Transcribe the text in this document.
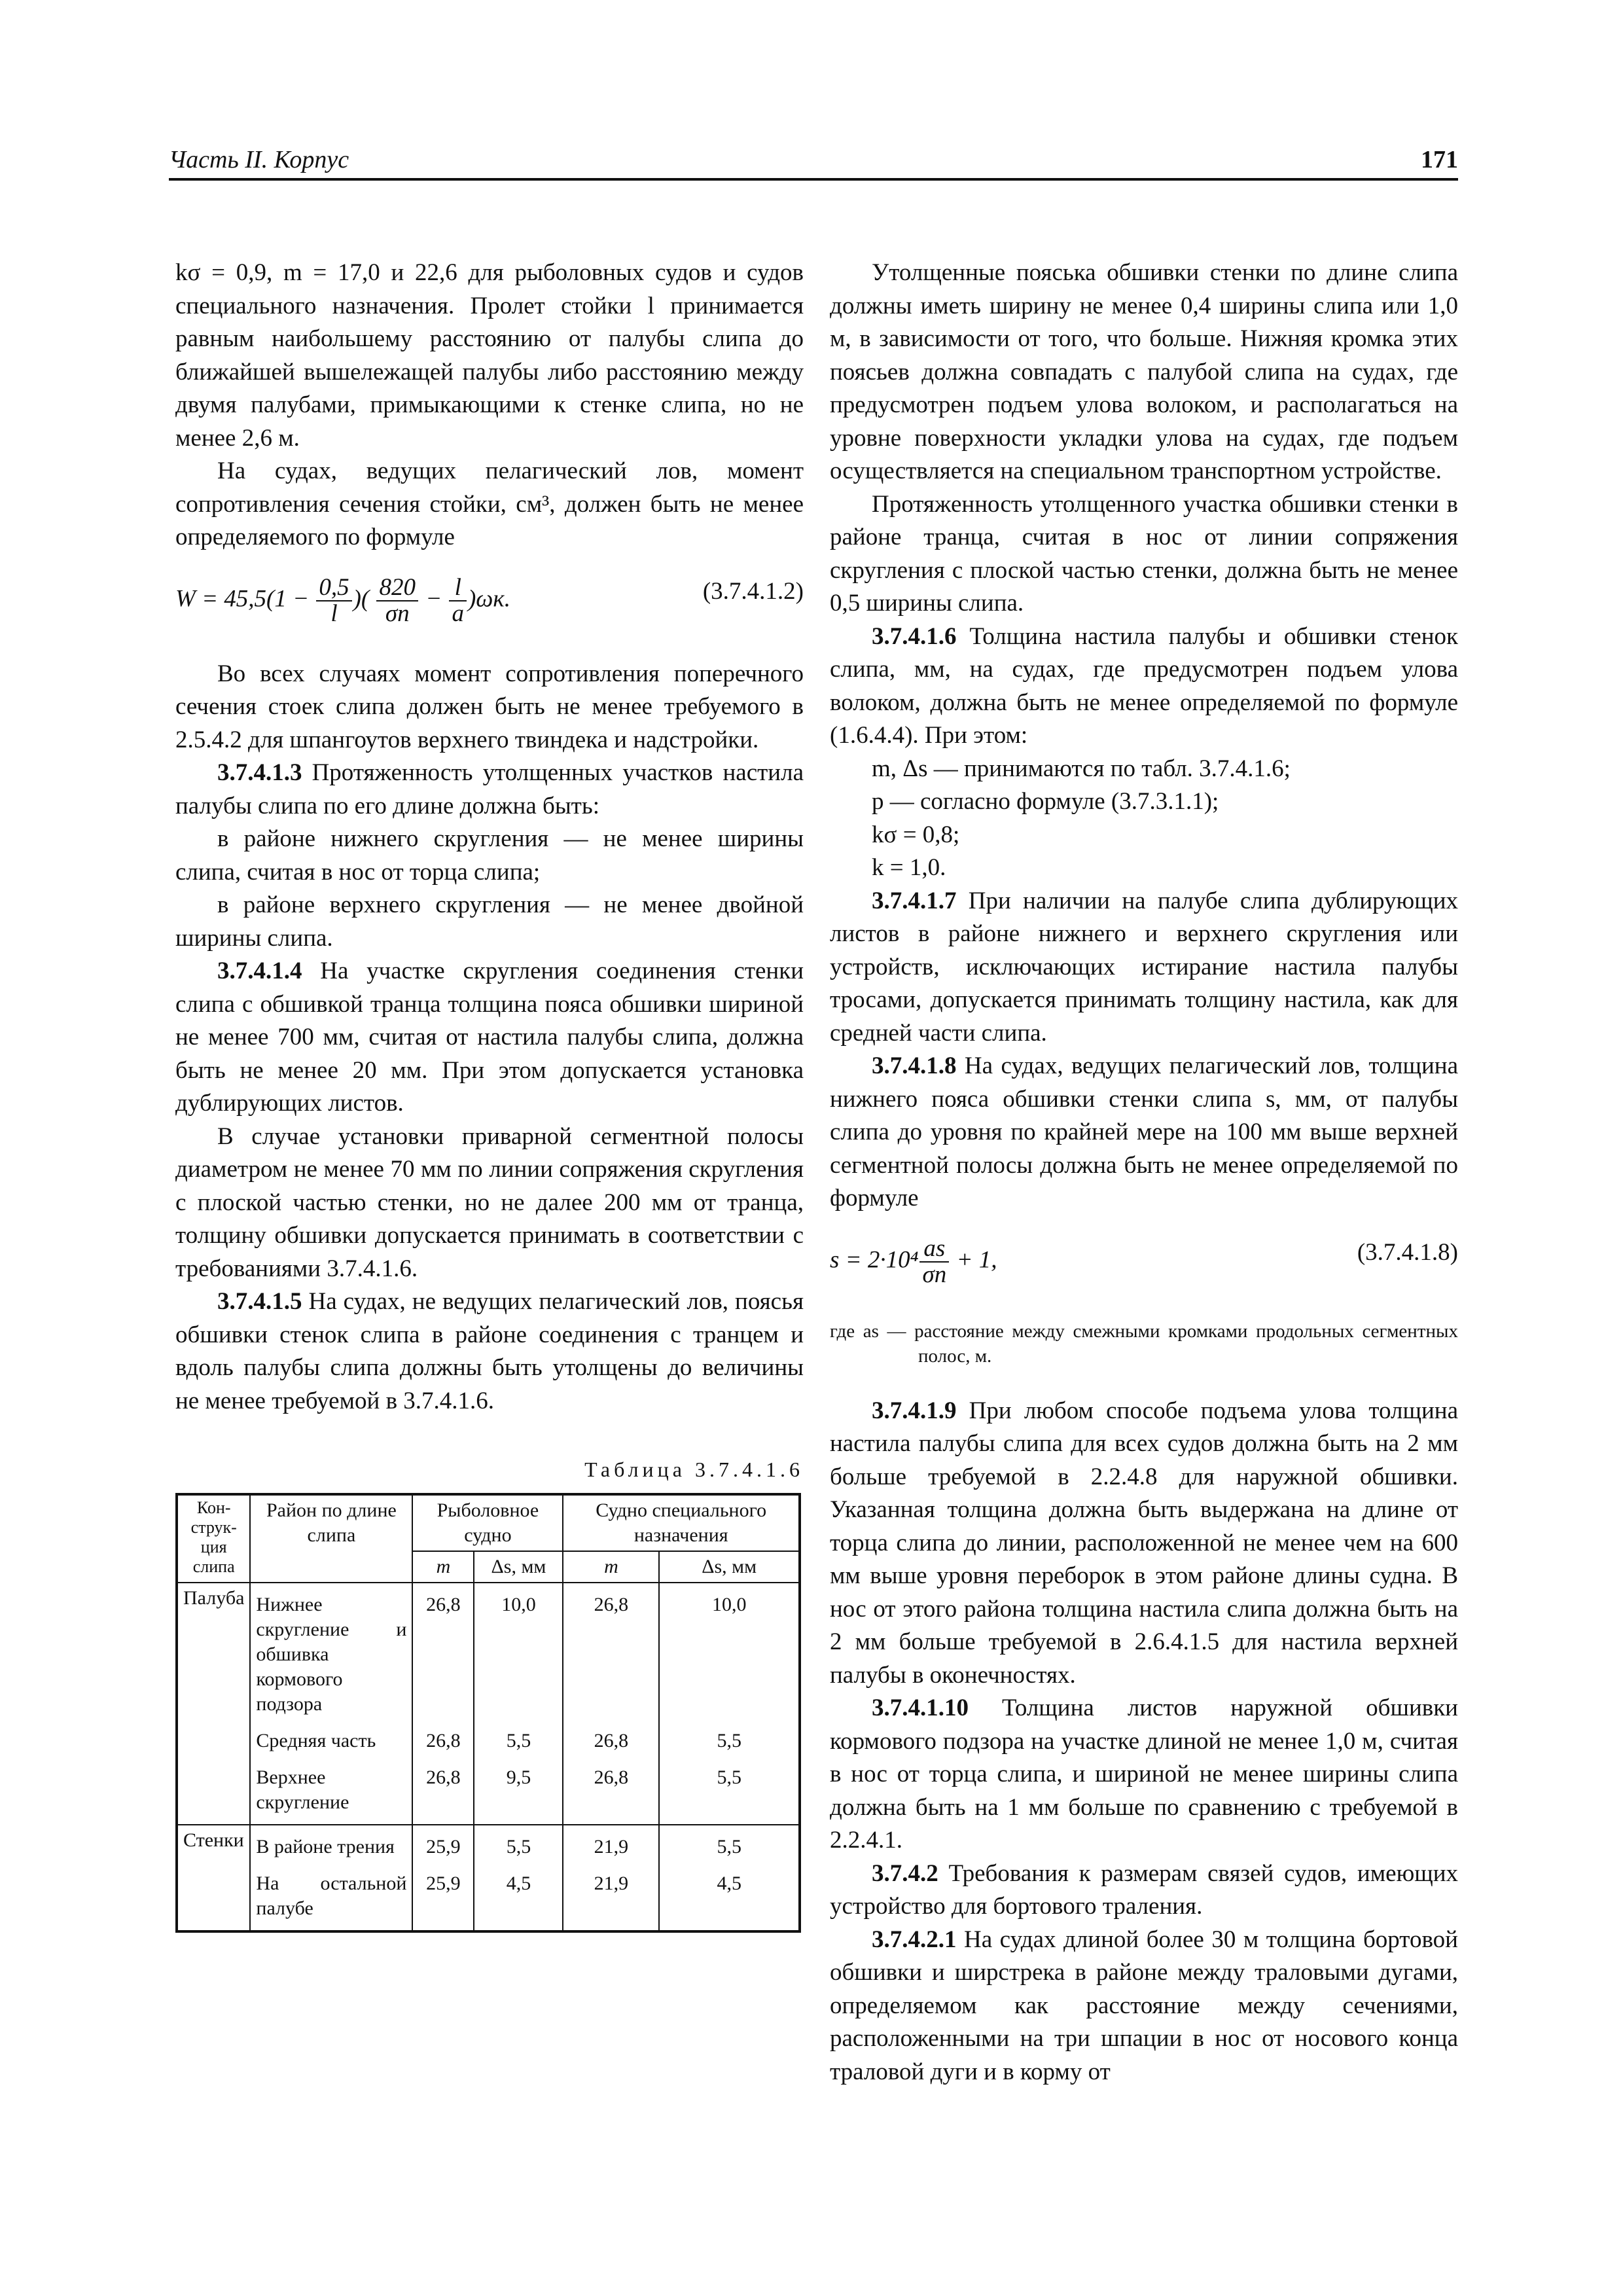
Часть II. Корпус	171

kσ = 0,9, m = 17,0 и 22,6 для рыболовных судов и судов специального назначения. Пролет стойки l принимается равным наибольшему расстоянию от палубы слипа до ближайшей вышележащей палубы либо расстоянию между двумя палубами, примыкающими к стенке слипа, но не менее 2,6 м.

На судах, ведущих пелагический лов, момент сопротивления сечения стойки, см³, должен быть не менее определяемого по формуле

$W = 45,5(1 - \frac{0,5}{l}$ )( $\frac{820}{\sigma n} - \frac{l}{a} )\omega к$.	(3.7.4.1.2)

Во всех случаях момент сопротивления поперечного сечения стоек слипа должен быть не менее требуемого в 2.5.4.2 для шпангоутов верхнего твиндека и надстройки.

3.7.4.1.3 Протяженность утолщенных участков настила палубы слипа по его длине должна быть:

в районе нижнего скругления — не менее ширины слипа, считая в нос от торца слипа;

в районе верхнего скругления — не менее двойной ширины слипа.

3.7.4.1.4 На участке скругления соединения стенки слипа с обшивкой транца толщина пояса обшивки шириной не менее 700 мм, считая от настила палубы слипа, должна быть не менее 20 мм. При этом допускается установка дублирующих листов.

В случае установки приварной сегментной полосы диаметром не менее 70 мм по линии сопряжения скругления с плоской частью стенки, но не далее 200 мм от транца, толщину обшивки допускается принимать в соответствии с требованиями 3.7.4.1.6.

3.7.4.1.5 На судах, не ведущих пелагический лов, поясья обшивки стенок слипа в районе соединения с транцем и вдоль палубы слипа должны быть утолщены до величины не менее требуемой в 3.7.4.1.6.

Таблица 3.7.4.1.6
Кон-струк-ция слипа	Район по длине слипа	Рыболовное судно		Судно специального назначения	
		m	Δs, мм	m	Δs, мм
Палуба	Нижнее скругление и обшивка кормового подзора	26,8	10,0	26,8	10,0
	Средняя часть	26,8	5,5	26,8	5,5
	Верхнее скругление	26,8	9,5	26,8	5,5
Стенки	В районе трения	25,9	5,5	21,9	5,5
	На остальной палубе	25,9	4,5	21,9	4,5

Утолщенные пояська обшивки стенки по длине слипа должны иметь ширину не менее 0,4 ширины слипа или 1,0 м, в зависимости от того, что больше. Нижняя кромка этих поясьев должна совпадать с палубой слипа на судах, где предусмотрен подъем улова волоком, и располагаться на уровне поверхности укладки улова на судах, где подъем осуществляется на специальном транспортном устройстве.

Протяженность утолщенного участка обшивки стенки в районе транца, считая в нос от линии сопряжения скругления с плоской частью стенки, должна быть не менее 0,5 ширины слипа.

3.7.4.1.6 Толщина настила палубы и обшивки стенок слипа, мм, на судах, где предусмотрен подъем улова волоком, должна быть не менее определяемой по формуле (1.6.4.4). При этом:

m, Δs — принимаются по табл. 3.7.4.1.6;

p — согласно формуле (3.7.3.1.1);

kσ = 0,8;

k = 1,0.

3.7.4.1.7 При наличии на палубе слипа дублирующих листов в районе нижнего и верхнего скругления или устройств, исключающих истирание настила палубы тросами, допускается принимать толщину настила, как для средней части слипа.

3.7.4.1.8 На судах, ведущих пелагический лов, толщина нижнего пояса обшивки стенки слипа s, мм, от палубы слипа до уровня по крайней мере на 100 мм выше верхней сегментной полосы должна быть не менее определяемой по формуле

$s = 2\cdot 10^4 \frac{as}{\sigma n} + 1$,	(3.7.4.1.8)
где as — расстояние между смежными кромками продольных сегментных полос, м.

3.7.4.1.9 При любом способе подъема улова толщина настила палубы слипа для всех судов должна быть на 2 мм больше требуемой в 2.2.4.8 для наружной обшивки. Указанная толщина должна быть выдержана на длине от торца слипа до линии, расположенной не менее чем на 600 мм выше уровня переборок в этом районе длины судна. В нос от этого района толщина настила слипа должна быть на 2 мм больше требуемой в 2.6.4.1.5 для настила верхней палубы в оконечностях.

3.7.4.1.10 Толщина листов наружной обшивки кормового подзора на участке длиной не менее 1,0 м, считая в нос от торца слипа, и шириной не менее ширины слипа должна быть на 1 мм больше по сравнению с требуемой в 2.2.4.1.

3.7.4.2 Требования к размерам связей судов, имеющих устройство для бортового траления.

3.7.4.2.1 На судах длиной более 30 м толщина бортовой обшивки и ширстрека в районе между траловыми дугами, определяемом как расстояние между сечениями, расположенными на три шпации в нос от носового конца траловой дуги и в корму от
